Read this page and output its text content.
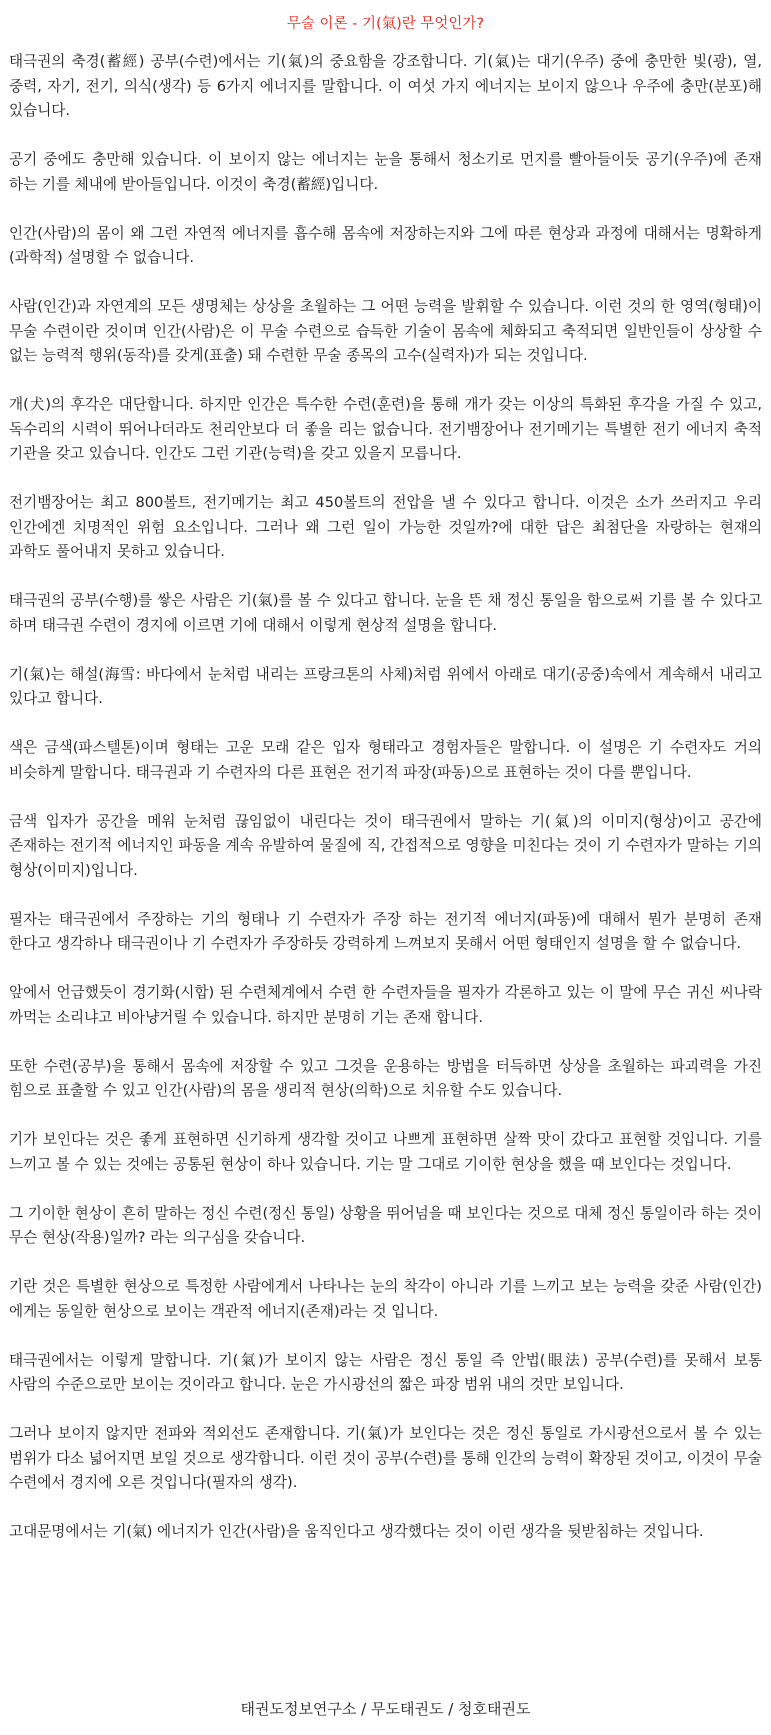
무술 이론 - 기(氣)란 무엇인가?

태극권의 축경(蓄經) 공부(수련)에서는 기(氣)의 중요함을 강조합니다. 기(氣)는 대기(우주) 중에 충만한 빛(광), 열, 중력, 자기, 전기, 의식(생각) 등 6가지 에너지를 말합니다. 이 여섯 가지 에너지는 보이지 않으나 우주에 충만(분포)해 있습니다.

공기 중에도 충만해 있습니다. 이 보이지 않는 에너지는 눈을 통해서 청소기로 먼지를 빨아들이듯 공기(우주)에 존재 하는 기를 체내에 받아들입니다. 이것이 축경(蓄經)입니다.

인간(사람)의 몸이 왜 그런 자연적 에너지를 흡수해 몸속에 저장하는지와 그에 따른 현상과 과정에 대해서는 명확하게(과학적) 설명할 수 없습니다.

사람(인간)과 자연계의 모든 생명체는 상상을 초월하는 그 어떤 능력을 발휘할 수 있습니다. 이런 것의 한 영역(형태)이 무술 수련이란 것이며 인간(사람)은 이 무술 수련으로 습득한 기술이 몸속에 체화되고 축적되면 일반인들이 상상할 수 없는 능력적 행위(동작)를 갖게(표출) 돼 수련한 무술 종목의 고수(실력자)가 되는 것입니다.

개(犬)의 후각은 대단합니다. 하지만 인간은 특수한 수련(훈련)을 통해 개가 갖는 이상의 특화된 후각을 가질 수 있고, 독수리의 시력이 뛰어나더라도 천리안보다 더 좋을 리는 없습니다. 전기뱀장어나 전기메기는 특별한 전기 에너지 축적 기관을 갖고 있습니다. 인간도 그런 기관(능력)을 갖고 있을지 모릅니다.

전기뱀장어는 최고 800볼트, 전기메기는 최고 450볼트의 전압을 낼 수 있다고 합니다. 이것은 소가 쓰러지고 우리 인간에겐 치명적인 위험 요소입니다. 그러나 왜 그런 일이 가능한 것일까?에 대한 답은 최첨단을 자랑하는 현재의 과학도 풀어내지 못하고 있습니다.

태극권의 공부(수행)를 쌓은 사람은 기(氣)를 볼 수 있다고 합니다. 눈을 뜬 채 정신 통일을 함으로써 기를 볼 수 있다고 하며 태극권 수련이 경지에 이르면 기에 대해서 이렇게 현상적 설명을 합니다.

기(氣)는 해설(海雪: 바다에서 눈처럼 내리는 프랑크톤의 사체)처럼 위에서 아래로 대기(공중)속에서 계속해서 내리고 있다고 합니다.

색은 금색(파스텔톤)이며 형태는 고운 모래 같은 입자 형태라고 경험자들은 말합니다. 이 설명은 기 수련자도 거의 비슷하게 말합니다. 태극권과 기 수련자의 다른 표현은 전기적 파장(파동)으로 표현하는 것이 다를 뿐입니다.

금색 입자가 공간을 메워 눈처럼 끊임없이 내린다는 것이 태극권에서 말하는 기(氣)의 이미지(형상)이고 공간에 존재하는 전기적 에너지인 파동을 계속 유발하여 물질에 직, 간접적으로 영향을 미친다는 것이 기 수련자가 말하는 기의 형상(이미지)입니다.

필자는 태극권에서 주장하는 기의 형태나 기 수련자가 주장 하는 전기적 에너지(파동)에 대해서 뭔가 분명히 존재 한다고 생각하나 태극권이나 기 수련자가 주장하듯 강력하게 느껴보지 못해서 어떤 형태인지 설명을 할 수 없습니다.

앞에서 언급했듯이 경기화(시합) 된 수련체계에서 수련 한 수련자들을 필자가 각론하고 있는 이 말에 무슨 귀신 씨나락 까먹는 소리냐고 비아냥거릴 수 있습니다. 하지만 분명히 기는 존재 합니다.

또한 수련(공부)을 통해서 몸속에 저장할 수 있고 그것을 운용하는 방법을 터득하면 상상을 초월하는 파괴력을 가진 힘으로 표출할 수 있고 인간(사람)의 몸을 생리적 현상(의학)으로 치유할 수도 있습니다.

기가 보인다는 것은 좋게 표현하면 신기하게 생각할 것이고 나쁘게 표현하면 살짝 맛이 갔다고 표현할 것입니다. 기를 느끼고 볼 수 있는 것에는 공통된 현상이 하나 있습니다. 기는 말 그대로 기이한 현상을 했을 때 보인다는 것입니다.

그 기이한 현상이 흔히 말하는 정신 수련(정신 통일) 상황을 뛰어넘을 때 보인다는 것으로 대체 정신 통일이라 하는 것이 무슨 현상(작용)일까? 라는 의구심을 갖습니다.

기란 것은 특별한 현상으로 특정한 사람에게서 나타나는 눈의 착각이 아니라 기를 느끼고 보는 능력을 갖준 사람(인간)에게는 동일한 현상으로 보이는 객관적 에너지(존재)라는 것 입니다.

태극권에서는 이렇게 말합니다. 기(氣)가 보이지 않는 사람은 정신 통일 즉 안법(眼法) 공부(수련)를 못해서 보통 사람의 수준으로만 보이는 것이라고 합니다. 눈은 가시광선의 짧은 파장 범위 내의 것만 보입니다.

그러나 보이지 않지만 전파와 적외선도 존재합니다. 기(氣)가 보인다는 것은 정신 통일로 가시광선으로서 볼 수 있는 범위가 다소 넓어지면 보일 것으로 생각합니다. 이런 것이 공부(수련)를 통해 인간의 능력이 확장된 것이고, 이것이 무술 수련에서 경지에 오른 것입니다(필자의 생각).

고대문명에서는 기(氣) 에너지가 인간(사람)을 움직인다고 생각했다는 것이 이런 생각을 뒷받침하는 것입니다.

태권도정보연구소 / 무도태권도 / 청호태권도
